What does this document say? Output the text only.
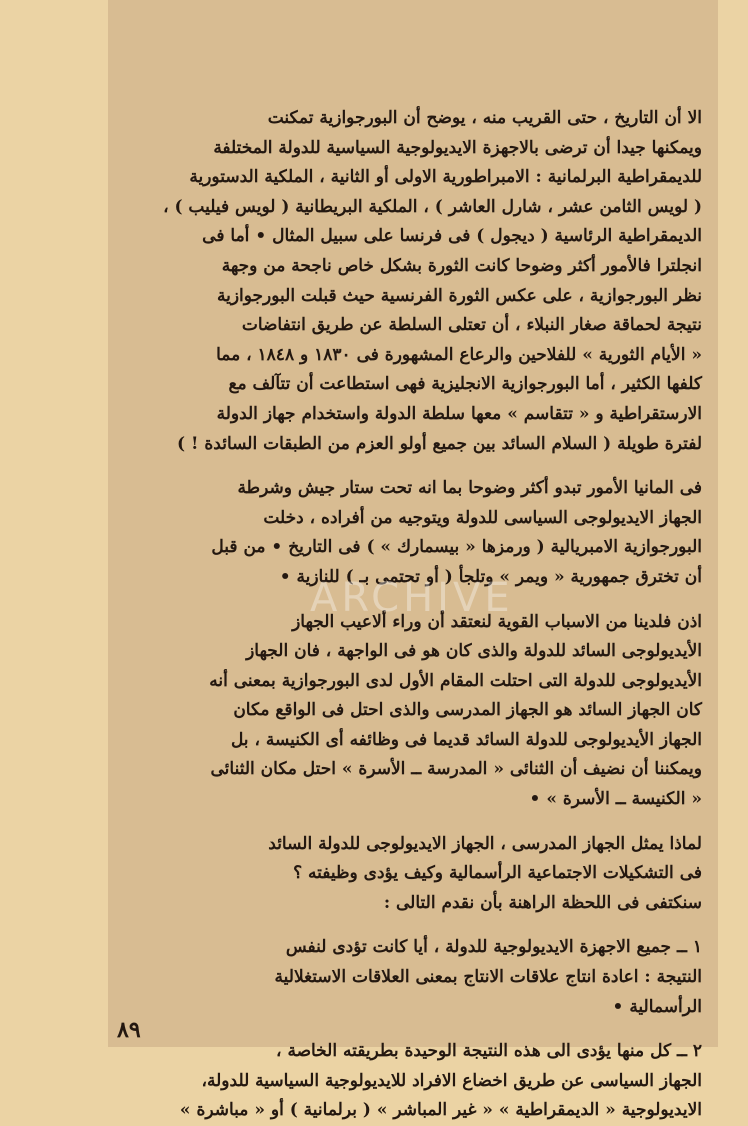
الا أن التاريخ ، حتى القريب منه ، يوضح أن البورجوازية تمكنت
ويمكنها جيدا أن ترضى بالاجهزة الايديولوجية السياسية للدولة المختلفة
للديمقراطية البرلمانية : الامبراطورية الاولى أو الثانية ، الملكية الدستورية
( لويس الثامن عشر ، شارل العاشر ) ، الملكية البريطانية ( لويس فيليب ) ،
الديمقراطية الرئاسية ( ديجول ) فى فرنسا على سبيل المثال • أما فى
انجلترا فالأمور أكثر وضوحا كانت الثورة بشكل خاص ناجحة من وجهة
نظر البورجوازية ، على عكس الثورة الفرنسية حيث قبلت البورجوازية
نتيجة لحماقة صغار النبلاء ، أن تعتلى السلطة عن طريق انتفاضات
« الأيام الثورية » للفلاحين والرعاع المشهورة فى ١٨٣٠ و ١٨٤٨ ، مما
كلفها الكثير ، أما البورجوازية الانجليزية فهى استطاعت أن تتآلف مع
الارستقراطية و « تتقاسم » معها سلطة الدولة واستخدام جهاز الدولة
لفترة طويلة ( السلام السائد بين جميع أولو العزم من الطبقات السائدة ! )

فى المانيا الأمور تبدو أكثر وضوحا بما انه تحت ستار جيش وشرطة
الجهاز الايديولوجى السياسى للدولة ويتوجيه من أفراده ، دخلت
البورجوازية الامبريالية ( ورمزها « بيسمارك » ) فى التاريخ • من قبل
أن تخترق جمهورية « ويمر » وتلجأ ( أو تحتمى بـ ) للنازية •

اذن فلدينا من الاسباب القوية لنعتقد أن وراء ألاعيب الجهاز
الأيديولوجى السائد للدولة والذى كان هو فى الواجهة ، فان الجهاز
الأيديولوجى للدولة التى احتلت المقام الأول لدى البورجوازية بمعنى أنه
كان الجهاز السائد هو الجهاز المدرسى والذى احتل فى الواقع مكان
الجهاز الأيديولوجى للدولة السائد قديما فى وظائفه أى الكنيسة ، بل
ويمكننا أن نضيف أن الثنائى « المدرسة ــ الأسرة » احتل مكان الثنائى
« الكنيسة ــ الأسرة » •

لماذا يمثل الجهاز المدرسى ، الجهاز الايديولوجى للدولة السائد
فى التشكيلات الاجتماعية الرأسمالية وكيف يؤدى وظيفته ؟
سنكتفى فى اللحظة الراهنة بأن نقدم التالى :

١ ــ جميع الاجهزة الايديولوجية للدولة ، أيا كانت تؤدى لنفس
النتيجة : اعادة انتاج علاقات الانتاج بمعنى العلاقات الاستغلالية
الرأسمالية •

٢ ــ كل منها يؤدى الى هذه النتيجة الوحيدة بطريقته الخاصة ،
الجهاز السياسى عن طريق اخضاع الافراد للايديولوجية السياسية للدولة،
الايديولوجية « الديمقراطية » « غير المباشر » ( برلمانية ) أو « مباشرة »

ARCHIVE
٨٩
